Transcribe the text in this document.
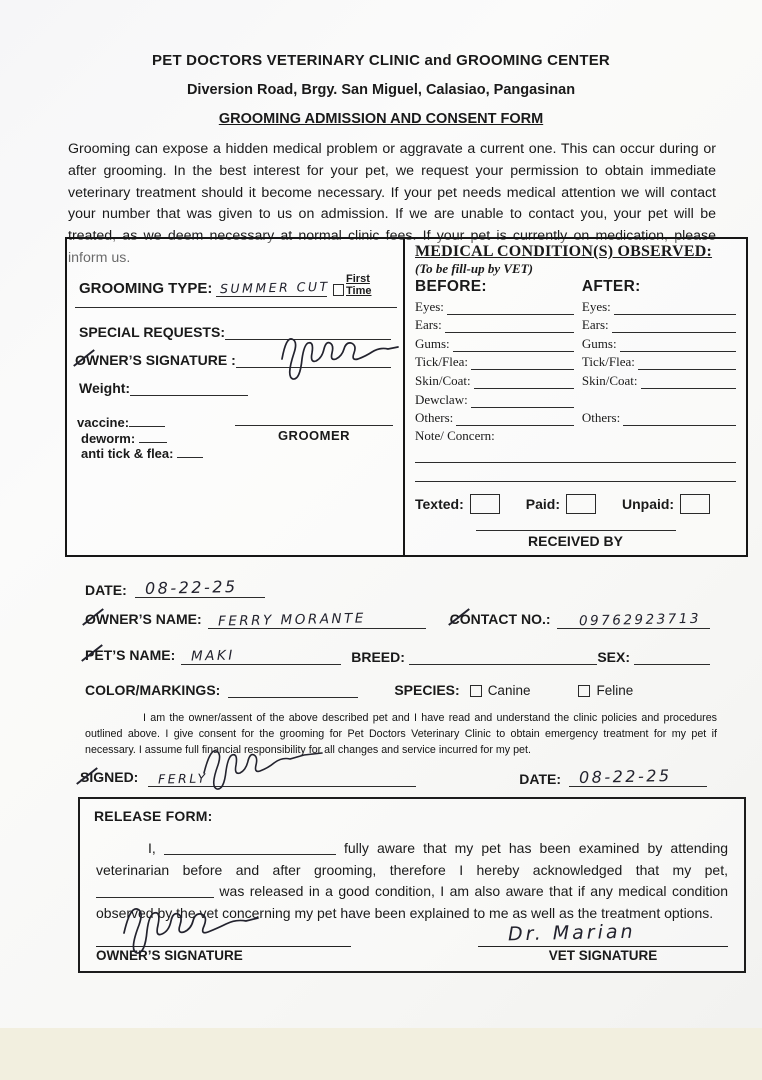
PET DOCTORS VETERINARY CLINIC and GROOMING CENTER
Diversion Road, Brgy. San Miguel, Calasiao, Pangasinan
GROOMING ADMISSION AND CONSENT FORM

Grooming can expose a hidden medical problem or aggravate a current one. This can occur during or after grooming. In the best interest for your pet, we request your permission to obtain immediate veterinary treatment should it become necessary. If your pet needs medical attention we will contact your number that was given to us on admission. If we are unable to contact you, your pet will be treated, as we deem necessary at normal clinic fees. If your pet is currently on medication, please inform us.

GROOMING TYPE: SUMMER CUT First Time
SPECIAL REQUESTS:
OWNER’S SIGNATURE :
Weight:
vaccine:
deworm:
anti tick & flea:
GROOMER
MEDICAL CONDITION(S) OBSERVED:
(To be fill-up by VET)
BEFORE:	AFTER:
Eyes:	Eyes:
Ears:	Ears:
Gums:	Gums:
Tick/Flea:	Tick/Flea:
Skin/Coat:	Skin/Coat:
Dewclaw:
Others:	Others:
Note/ Concern:
Texted:	Paid:	Unpaid:
RECEIVED BY
DATE: 08-22-25
OWNER’S NAME: FERRY MORANTE	CONTACT NO.: 09762923713
PET’S NAME: MAKI	BREED:	SEX:
COLOR/MARKINGS:	SPECIES: Canine	Feline

I am the owner/assent of the above described pet and I have read and understand the clinic policies and procedures outlined above. I give consent for the grooming for Pet Doctors Veterinary Clinic to obtain emergency treatment for my pet if necessary. I assume full financial responsibility for all changes and service incurred for my pet.

SIGNED: FERLY	DATE: 08-22-25
RELEASE FORM:

I,	fully aware that my pet has been examined by attending veterinarian before and after grooming, therefore I hereby acknowledged that my pet,  was released in a good condition, I am also aware that if any medical condition observed by the vet concerning my pet have been explained to me as well as the treatment options.

OWNER’S SIGNATURE
Dr. Marian
VET SIGNATURE
